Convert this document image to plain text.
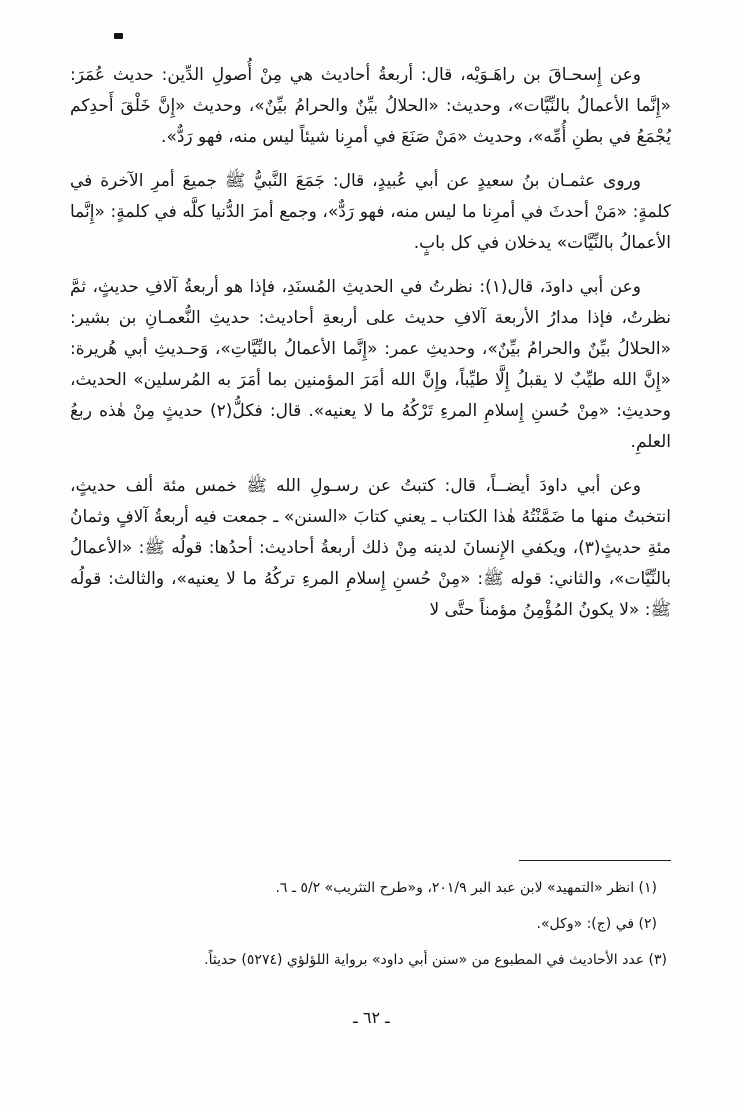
وعن إِسحـاقَ بن راهَـوَيْه، قال: أربعةُ أحاديث هي مِنْ أُصولِ الدِّين: حديث عُمَرَ: «إِنَّما الأعمالُ بالنِّيَّات»، وحديث: «الحلالُ بيِّنٌ والحرامُ بيِّنٌ»، وحديث «إِنَّ خَلْقَ أَحدِكم يُجْمَعُ في بطنِ أُمِّه»، وحديث «مَنْ صَنَعَ في أمرِنا شيئاً ليس منه، فهو رَدٌّ».

وروى عثمـان بنُ سعيدٍ عن أبي عُبيدٍ، قال: جَمَعَ النَّبيُّ ﷺ جميعَ أمرِ الآخرة في كلمةٍ: «مَنْ أحدثَ في أمرِنا ما ليس منه، فهو رَدٌّ»، وجمع أمرَ الدُّنيا كلَّه في كلمةٍ: «إِنَّما الأعمالُ بالنِّيَّات» يدخلان في كل بابٍ.

وعن أبي داودَ، قال(١): نظرتُ في الحديثِ المُسنَدِ، فإذا هو أربعةُ آلافِ حديثٍ، ثمَّ نظرتُ، فإذا مدارُ الأربعة آلافِ حديث على أربعةِ أحاديث: حديثِ النُّعمـانِ بن بشير: «الحلالُ بيِّنٌ والحرامُ بيِّنٌ»، وحديثِ عمر: «إِنَّما الأعمالُ بالنِّيَّاتِ»، وَحـديثِ أبي هُريرة: «إِنَّ الله طيِّبٌ لا يقبلُ إِلَّا طيِّباً، وإِنَّ الله أمَرَ المؤمنين بما أمَرَ به المُرسلين» الحديث، وحديثِ: «مِنْ حُسنِ إِسلامِ المرءِ تَرْكُهُ ما لا يعنيه». قال: فكلُّ(٢) حديثٍ مِنْ هٰذه ربعُ العلمِ.

وعن أبي داودَ أيضــاً، قال: كتبتُ عن رسـولِ الله ﷺ خمس مئة ألف حديثٍ، انتخبتُ منها ما ضَمَّنْتُهُ هٰذا الكتاب ـ يعني كتابَ «السنن» ـ جمعت فيه أربعةُ آلافٍ وثمانُ مئةِ حديثٍ(٣)، ويكفي الإِنسانَ لدينه مِنْ ذلك أربعةُ أحاديث: أحدُها: قولُه ﷺ: «الأعمالُ بالنِّيَّات»، والثاني: قوله ﷺ: «مِنْ حُسنِ إِسلامِ المرءِ تركُهُ ما لا يعنيه»، والثالث: قولُه ﷺ: «لا يكونُ المُؤْمِنُ مؤمناً حتَّى لا

(١) انظر «التمهيد» لابن عبد البر ٢٠١/٩، و«طرح التثريب» ٥/٢ ـ ٦.
(٢) في (ج): «وكل».
(٣) عدد الأحاديث في المطبوع من «سنن أبي داود» برواية اللؤلؤي (٥٢٧٤) حديثاً.
ـ ٦٢ ـ
